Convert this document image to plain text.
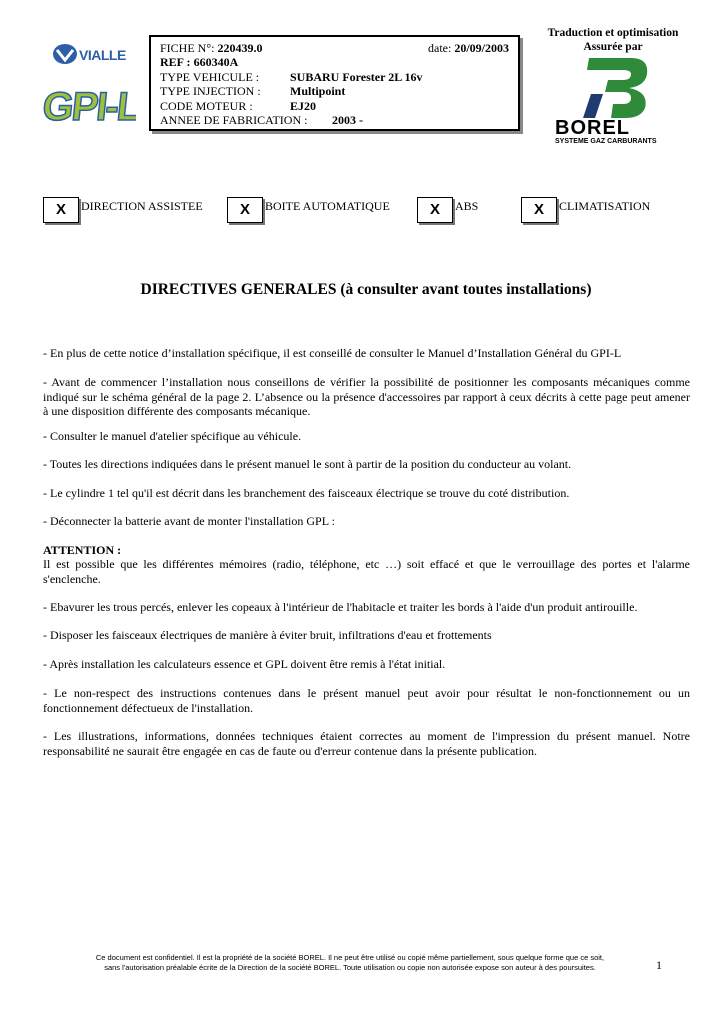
VIALLE
GPI-L
Traduction et optimisation
Assurée par
BOREL
SYSTEME GAZ CARBURANTS
FICHE N°: 220439.0	date: 20/09/2003
REF : 660340A
TYPE VEHICULE :	SUBARU Forester 2L 16v
TYPE INJECTION : Multipoint
CODE MOTEUR :	EJ20
ANNEE DE FABRICATION : 2003 -
X	DIRECTION ASSISTEE	X	BOITE AUTOMATIQUE	X	ABS	X	CLIMATISATION
DIRECTIVES GENERALES (à consulter avant toutes installations)
- En plus de cette notice d’installation spécifique, il est conseillé de consulter le Manuel d’Installation Général du GPI-L
- Avant de commencer l’installation nous conseillons de vérifier la possibilité de positionner les composants mécaniques comme indiqué sur le schéma général de la page 2. L’absence ou la présence d'accessoires par rapport à ceux décrits à cette page peut amener à une disposition différente des composants mécanique.
- Consulter le manuel d'atelier spécifique au véhicule.
- Toutes les directions indiquées dans le présent manuel le sont à partir de la position du conducteur au volant.
- Le cylindre 1 tel qu'il est décrit dans les branchement des faisceaux électrique se trouve du coté distribution.
- Déconnecter la batterie avant de monter l'installation GPL :
ATTENTION :
Il est possible que les différentes mémoires (radio, téléphone, etc …) soit effacé et que le verrouillage des portes et l'alarme s'enclenche.
- Ebavurer les trous percés, enlever les copeaux à l'intérieur de l'habitacle et traiter les bords à l'aide d'un produit antirouille.
- Disposer les faisceaux électriques de manière à éviter bruit, infiltrations d'eau et frottements
- Après installation les calculateurs essence et GPL doivent être remis à l'état initial.
- Le non-respect des instructions contenues dans le présent manuel peut avoir pour résultat le non-fonctionnement ou un fonctionnement défectueux de l'installation.
- Les illustrations, informations, données techniques étaient correctes au moment de l'impression du présent manuel. Notre responsabilité ne saurait être engagée en cas de faute ou d'erreur contenue dans la présente publication.
Ce document est confidentiel. Il est la propriété de la société BOREL. Il ne peut être utilisé ou copié même partiellement, sous quelque forme que ce soit,
sans l'autorisation préalable écrite de la Direction de la société BOREL. Toute utilisation ou copie non autorisée expose son auteur à des poursuites.	1
